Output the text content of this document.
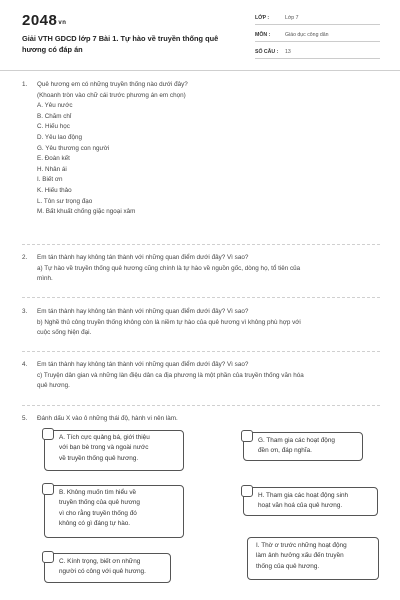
2048vn
Giải VTH GDCD lớp 7 Bài 1. Tự hào về truyền thống quê hương có đáp án
LỚP :	Lớp 7
MÔN :	Giáo dục công dân
SỐ CÂU : 13
1. Quê hương em có những truyền thống nào dưới đây?
(Khoanh tròn vào chữ cái trước phương án em chọn)
A. Yêu nước
B. Chăm chỉ
C. Hiếu học
D. Yêu lao động
G. Yêu thương con người
E. Đoàn kết
H. Nhân ái
I. Biết ơn
K. Hiếu thảo
L. Tôn sư trọng đạo
M. Bất khuất chống giặc ngoại xâm
2. Em tán thành hay không tán thành với những quan điểm dưới đây? Vì sao?
a) Tự hào về truyền thống quê hương cũng chính là tự hào về nguồn gốc, dòng họ, tổ tiên của
mình.
3. Em tán thành hay không tán thành với những quan điểm dưới đây? Vì sao?
b) Nghề thủ công truyền thống không còn là niềm tự hào của quê hương vì không phù hợp với
cuộc sống hiện đại.
4. Em tán thành hay không tán thành với những quan điểm dưới đây? Vì sao?
c) Truyện dân gian và những làn điệu dân ca địa phương là một phần của truyền thống văn hóa
quê hương.
5. Đánh dấu X vào ô những thái độ, hành vi nên làm.
A. Tích cực quảng bá, giới thiệu
với bạn bè trong và ngoài nước
về truyền thống quê hương.
G. Tham gia các hoạt động
đền ơn, đáp nghĩa.
B. Không muốn tìm hiểu về
truyền thống của quê hương
vì cho rằng truyền thống đó
không có gì đáng tự hào.
H. Tham gia các hoạt động sinh
hoạt văn hoá của quê hương.
C. Kính trọng, biết ơn những
người có công với quê hương.
I. Thờ ơ trước những hoạt động
làm ảnh hưởng xấu đến truyền
thống của quê hương.
